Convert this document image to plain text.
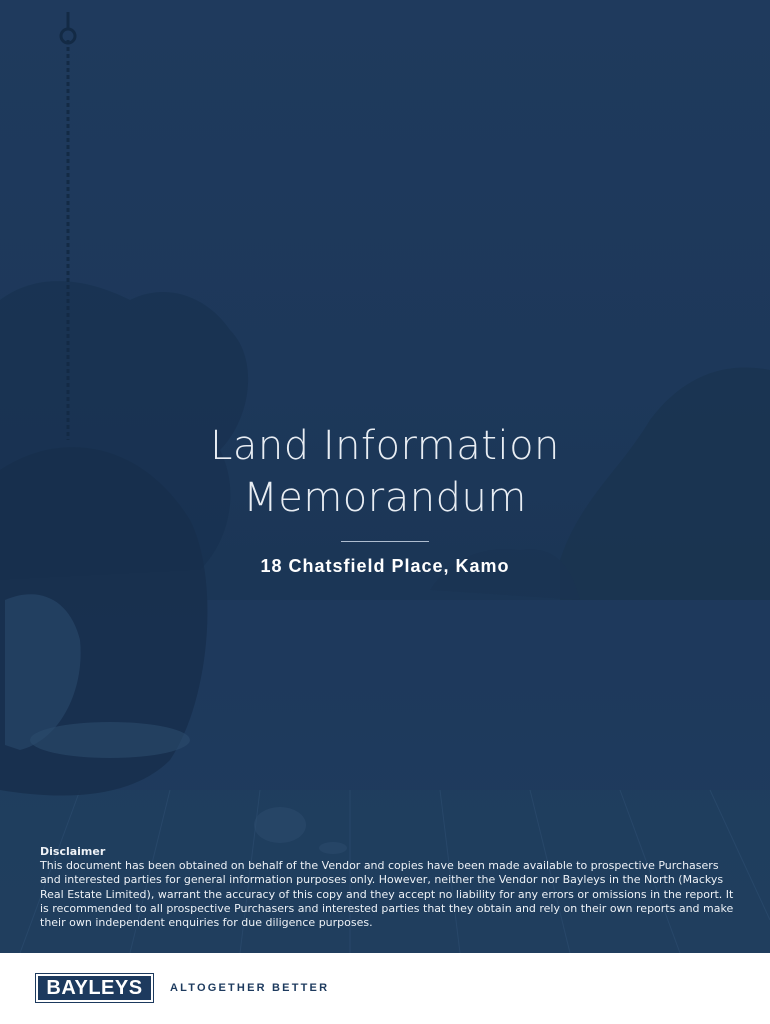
Land Information
Memorandum
18 Chatsfield Place, Kamo
Disclaimer
This document has been obtained on behalf of the Vendor and copies have been made available to prospective Purchasers and interested parties for general information purposes only. However, neither the Vendor nor Bayleys in the North (Mackys Real Estate Limited), warrant the accuracy of this copy and they accept no liability for any errors or omissions in the report. It is recommended to all prospective Purchasers and interested parties that they obtain and rely on their own reports and make their own independent enquiries for due diligence purposes.
BAYLEYS	ALTOGETHER BETTER
